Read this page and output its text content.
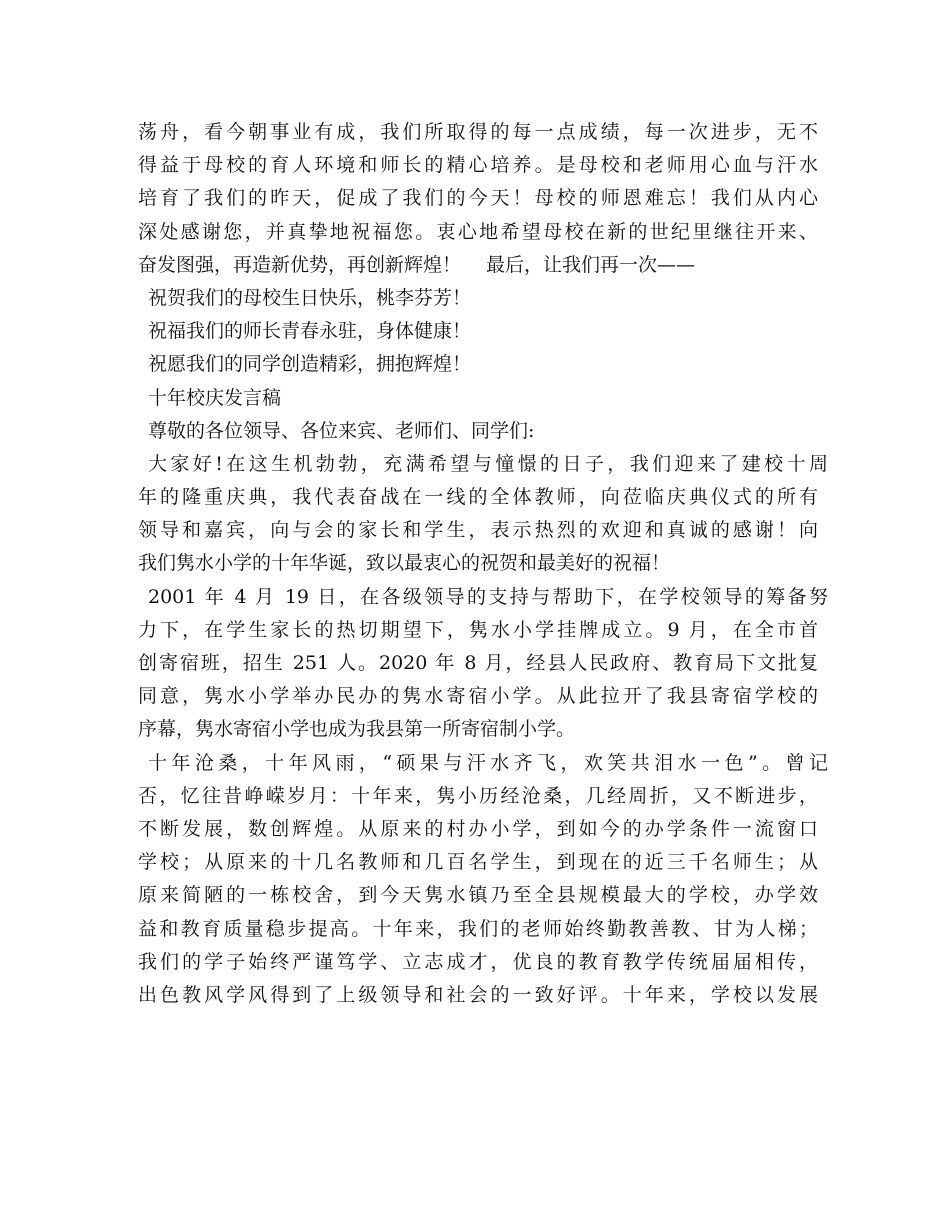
荡舟，看今朝事业有成，我们所取得的每一点成绩，每一次进步，无不
得益于母校的育人环境和师长的精心培养。是母校和老师用心血与汗水
培育了我们的昨天，促成了我们的今天！母校的师恩难忘！我们从内心
深处感谢您，并真挚地祝福您。衷心地希望母校在新的世纪里继往开来、
奋发图强，再造新优势，再创新辉煌！　 最后，让我们再一次——
祝贺我们的母校生日快乐，桃李芬芳！
祝福我们的师长青春永驻，身体健康！
祝愿我们的同学创造精彩，拥抱辉煌！
十年校庆发言稿
尊敬的各位领导、各位来宾、老师们、同学们:
大家好!在这生机勃勃，充满希望与憧憬的日子，我们迎来了建校十周
年的隆重庆典，我代表奋战在一线的全体教师，向莅临庆典仪式的所有
领导和嘉宾，向与会的家长和学生，表示热烈的欢迎和真诚的感谢！向
我们隽水小学的十年华诞，致以最衷心的祝贺和最美好的祝福！
2001 年 4 月 19 日，在各级领导的支持与帮助下，在学校领导的筹备努
力下，在学生家长的热切期望下，隽水小学挂牌成立。9 月，在全市首
创寄宿班，招生 251 人。2020 年 8 月，经县人民政府、教育局下文批复
同意，隽水小学举办民办的隽水寄宿小学。从此拉开了我县寄宿学校的
序幕，隽水寄宿小学也成为我县第一所寄宿制小学。
十年沧桑，十年风雨，“硕果与汗水齐飞，欢笑共泪水一色”。曾记
否，忆往昔峥嵘岁月：十年来，隽小历经沧桑，几经周折，又不断进步，
不断发展，数创辉煌。从原来的村办小学，到如今的办学条件一流窗口
学校；从原来的十几名教师和几百名学生，到现在的近三千名师生；从
原来简陋的一栋校舍，到今天隽水镇乃至全县规模最大的学校，办学效
益和教育质量稳步提高。十年来，我们的老师始终勤教善教、甘为人梯；
我们的学子始终严谨笃学、立志成才，优良的教育教学传统届届相传，
出色教风学风得到了上级领导和社会的一致好评。十年来，学校以发展
